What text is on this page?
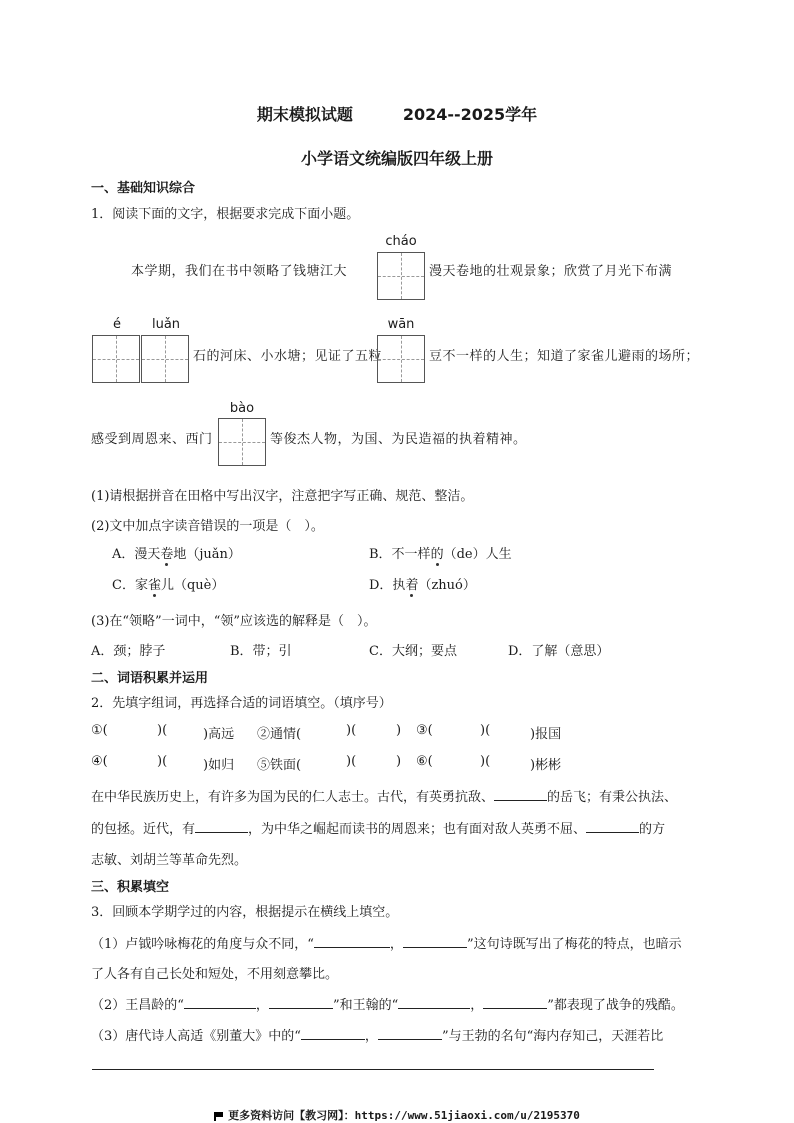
期末模拟试题	2024--2025学年
小学语文统编版四年级上册
一、基础知识综合
1．阅读下面的文字，根据要求完成下面小题。
cháo
本学期，我们在书中领略了钱塘江大	漫天卷地的壮观景象；欣赏了月光下布满
é	luǎn
石的河床、小水塘；见证了五粒
wān
豆不一样的人生；知道了家雀儿避雨的场所；
感受到周恩来、西门
bào
等俊杰人物，为国、为民造福的执着精神。
(1)请根据拼音在田格中写出汉字，注意把字写正确、规范、整洁。
(2)文中加点字读音错误的一项是（　）。
A．漫天卷地（juǎn）	B．不一样的（de）人生
C．家雀儿（què）	D．执着（zhuó）
(3)在“领略”一词中，“领”应该选的解释是（　）。
A．颈；脖子	B．带；引	C．大纲；要点	D．了解（意思）
二、词语积累并运用
2．先填字组词，再选择合适的词语填空。（填序号）
①(	)(	)高远 ②通情(	)(	) ③(	)(	)报国
④(	)(	)如归 ⑤铁面(	)(	) ⑥(	)(	)彬彬
在中华民族历史上，有许多为国为民的仁人志士。古代，有英勇抗敌、	的岳飞；有秉公执法、
的包拯。近代，有	，为中华之崛起而读书的周恩来；也有面对敌人英勇不屈、	的方
志敏、刘胡兰等革命先烈。
三、积累填空
3．回顾本学期学过的内容，根据提示在横线上填空。
（1）卢钺吟咏梅花的角度与众不同，“	，	”这句诗既写出了梅花的特点，也暗示
了人各有自己长处和短处，不用刻意攀比。
（2）王昌龄的“	，	”和王翰的“	，	”都表现了战争的残酷。
（3）唐代诗人高适《别董大》中的“	，	”与王勃的名句“海内存知己，天涯若比
更多资料访问【教习网】：https://www.51jiaoxi.com/u/2195370
